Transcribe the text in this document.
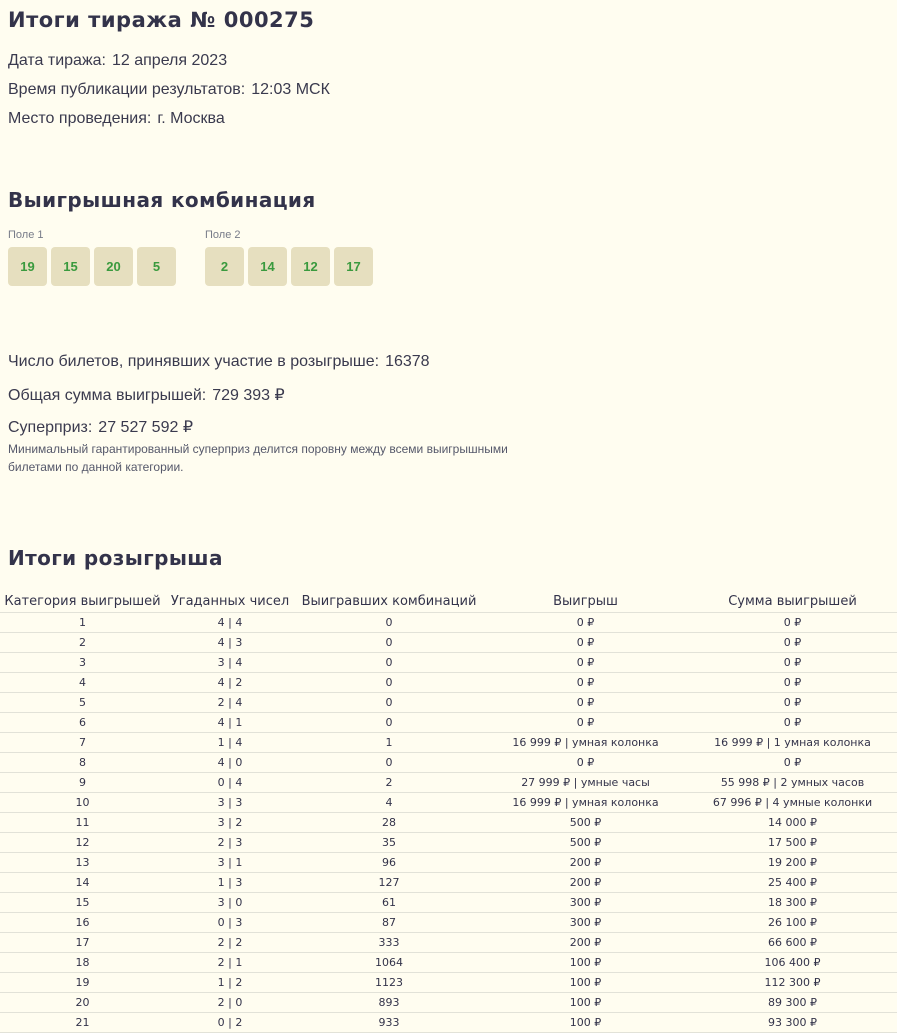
Итоги тиража № 000275
Дата тиража: 12 апреля 2023
Время публикации результатов: 12:03 МСК
Место проведения: г. Москва
Выигрышная комбинация
Поле 1
19	15	20	5
Поле 2
2	14	12	17
Число билетов, принявших участие в розыгрыше: 16378
Общая сумма выигрышей: 729 393 ₽
Суперприз: 27 527 592 ₽
Минимальный гарантированный суперприз делится поровну между всеми выигрышными билетами по данной категории.
Итоги розыгрыша
Категория выигрышей	Угаданных чисел	Выигравших комбинаций	Выигрыш	Сумма выигрышей
1	4 | 4	0	0 ₽	0 ₽
2	4 | 3	0	0 ₽	0 ₽
3	3 | 4	0	0 ₽	0 ₽
4	4 | 2	0	0 ₽	0 ₽
5	2 | 4	0	0 ₽	0 ₽
6	4 | 1	0	0 ₽	0 ₽
7	1 | 4	1	16 999 ₽ | умная колонка	16 999 ₽ | 1 умная колонка
8	4 | 0	0	0 ₽	0 ₽
9	0 | 4	2	27 999 ₽ | умные часы	55 998 ₽ | 2 умных часов
10	3 | 3	4	16 999 ₽ | умная колонка	67 996 ₽ | 4 умные колонки
11	3 | 2	28	500 ₽	14 000 ₽
12	2 | 3	35	500 ₽	17 500 ₽
13	3 | 1	96	200 ₽	19 200 ₽
14	1 | 3	127	200 ₽	25 400 ₽
15	3 | 0	61	300 ₽	18 300 ₽
16	0 | 3	87	300 ₽	26 100 ₽
17	2 | 2	333	200 ₽	66 600 ₽
18	2 | 1	1064	100 ₽	106 400 ₽
19	1 | 2	1123	100 ₽	112 300 ₽
20	2 | 0	893	100 ₽	89 300 ₽
21	0 | 2	933	100 ₽	93 300 ₽
